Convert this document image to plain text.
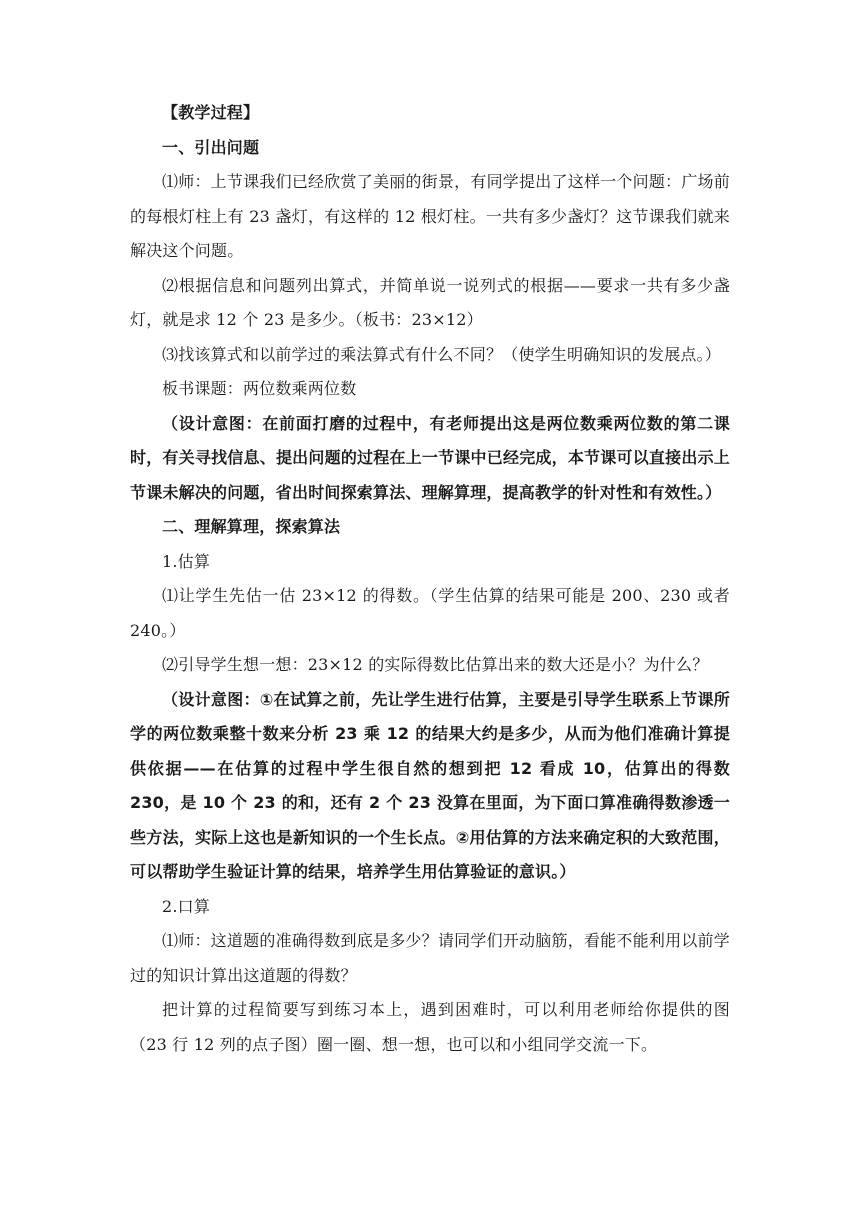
【教学过程】

一、引出问题

⑴师：上节课我们已经欣赏了美丽的街景，有同学提出了这样一个问题：广场前的每根灯柱上有 23 盏灯，有这样的 12 根灯柱。一共有多少盏灯？这节课我们就来解决这个问题。

⑵根据信息和问题列出算式，并简单说一说列式的根据——要求一共有多少盏灯，就是求 12 个 23 是多少。（板书：23×12）

⑶找该算式和以前学过的乘法算式有什么不同？（使学生明确知识的发展点。）

板书课题：两位数乘两位数

（设计意图：在前面打磨的过程中，有老师提出这是两位数乘两位数的第二课时，有关寻找信息、提出问题的过程在上一节课中已经完成，本节课可以直接出示上节课未解决的问题，省出时间探索算法、理解算理，提高教学的针对性和有效性。）

二、理解算理，探索算法

1.估算

⑴让学生先估一估 23×12 的得数。（学生估算的结果可能是 200、230 或者 240。）

⑵引导学生想一想：23×12 的实际得数比估算出来的数大还是小？为什么？

（设计意图：①在试算之前，先让学生进行估算，主要是引导学生联系上节课所学的两位数乘整十数来分析 23 乘 12 的结果大约是多少，从而为他们准确计算提供依据——在估算的过程中学生很自然的想到把 12 看成 10，估算出的得数 230，是 10 个 23 的和，还有 2 个 23 没算在里面，为下面口算准确得数渗透一些方法，实际上这也是新知识的一个生长点。②用估算的方法来确定积的大致范围，可以帮助学生验证计算的结果，培养学生用估算验证的意识。）

2.口算

⑴师：这道题的准确得数到底是多少？请同学们开动脑筋，看能不能利用以前学过的知识计算出这道题的得数？

把计算的过程简要写到练习本上，遇到困难时，可以利用老师给你提供的图（23 行 12 列的点子图）圈一圈、想一想，也可以和小组同学交流一下。
